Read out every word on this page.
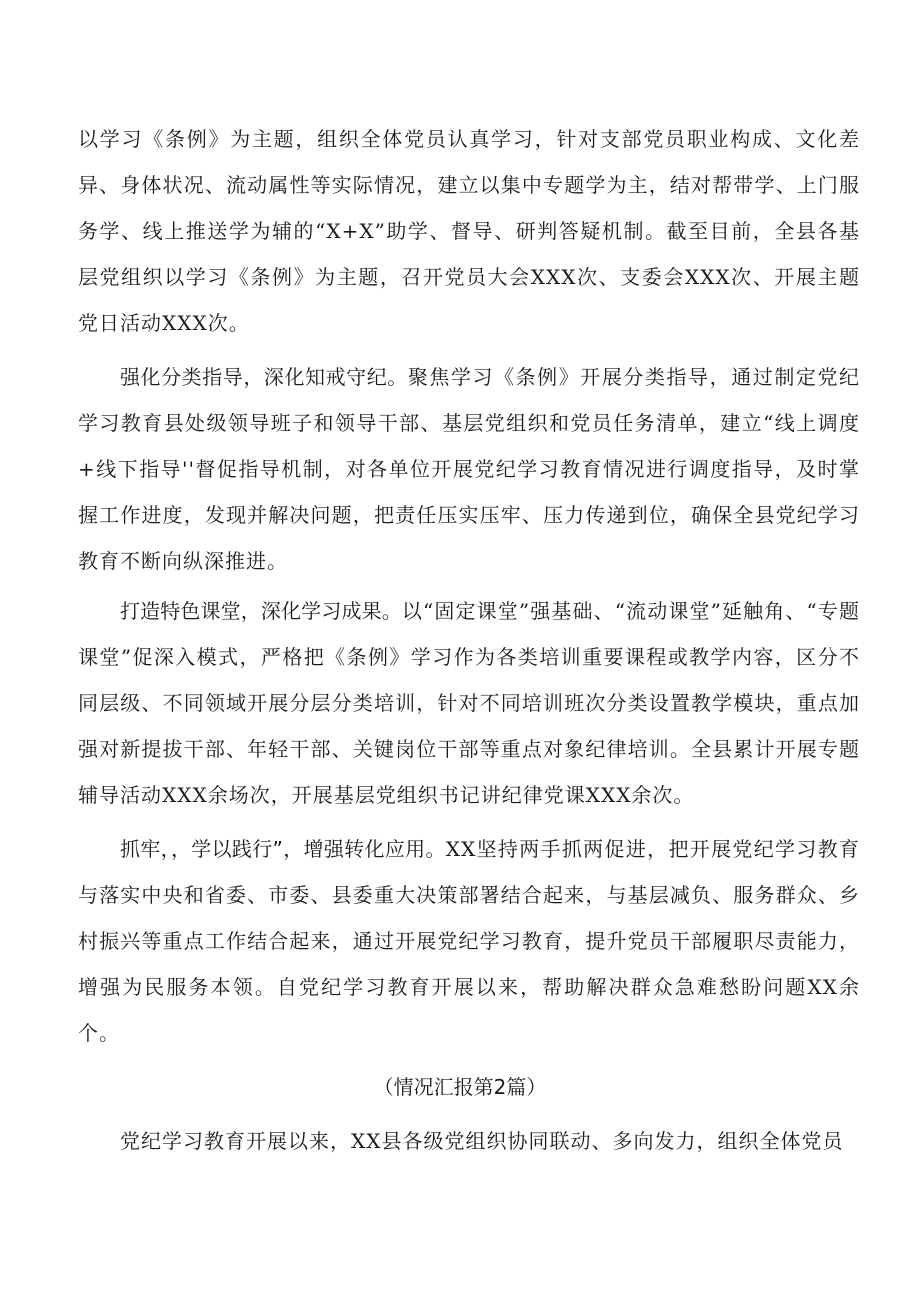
以学习《条例》为主题，组织全体党员认真学习，针对支部党员职业构成、文化差异、身体状况、流动属性等实际情况，建立以集中专题学为主，结对帮带学、上门服务学、线上推送学为辅的“X+X”助学、督导、研判答疑机制。截至目前，全县各基层党组织以学习《条例》为主题，召开党员大会XXX次、支委会XXX次、开展主题党日活动XXX次。

强化分类指导，深化知戒守纪。聚焦学习《条例》开展分类指导，通过制定党纪学习教育县处级领导班子和领导干部、基层党组织和党员任务清单，建立“线上调度+线下指导''督促指导机制，对各单位开展党纪学习教育情况进行调度指导，及时掌握工作进度，发现并解决问题，把责任压实压牢、压力传递到位，确保全县党纪学习教育不断向纵深推进。

打造特色课堂，深化学习成果。以“固定课堂”强基础、“流动课堂”延触角、“专题课堂”促深入模式，严格把《条例》学习作为各类培训重要课程或教学内容，区分不同层级、不同领域开展分层分类培训，针对不同培训班次分类设置教学模块，重点加强对新提拔干部、年轻干部、关键岗位干部等重点对象纪律培训。全县累计开展专题辅导活动XXX余场次，开展基层党组织书记讲纪律党课XXX余次。

抓牢，，学以践行”，增强转化应用。XX坚持两手抓两促进，把开展党纪学习教育与落实中央和省委、市委、县委重大决策部署结合起来，与基层减负、服务群众、乡村振兴等重点工作结合起来，通过开展党纪学习教育，提升党员干部履职尽责能力，增强为民服务本领。自党纪学习教育开展以来，帮助解决群众急难愁盼问题XX余个。

（情况汇报第2篇）

党纪学习教育开展以来，XX县各级党组织协同联动、多向发力，组织全体党员
